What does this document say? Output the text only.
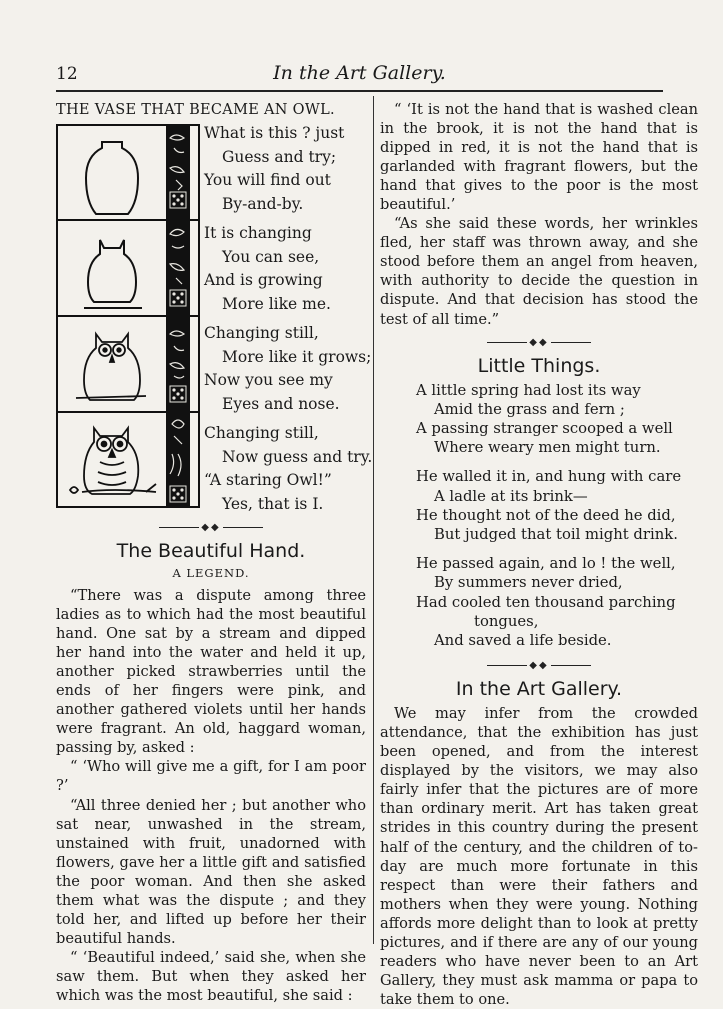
12	In the Art Gallery.
THE VASE THAT BECAME AN OWL.

What is this ? just

Guess and try;

You will find out

By-and-by.

It is changing

You can see,

And is growing

More like me.

Changing still,

More like it grows;

Now you see my

Eyes and nose.

Changing still,

Now guess and try.

“A staring Owl!”

Yes, that is I.

◆◆
The Beautiful Hand.
A LEGEND.

“There was a dispute among three ladies as to which had the most beautiful hand. One sat by a stream and dipped her hand into the water and held it up, another picked strawberries until the ends of her fingers were pink, and another gathered violets until her hands were fragrant. An old, haggard woman, passing by, asked :

“ ‘Who will give me a gift, for I am poor ?’

“All three denied her ; but another who sat near, unwashed in the stream, unstained with fruit, unadorned with flowers, gave her a little gift and satisfied the poor woman. And then she asked them what was the dispute ; and they told her, and lifted up before her their beautiful hands.

“ ‘Beautiful indeed,’ said she, when she saw them. But when they asked her which was the most beautiful, she said :

“ ‘It is not the hand that is washed clean in the brook, it is not the hand that is dipped in red, it is not the hand that is garlanded with fragrant flowers, but the hand that gives to the poor is the most beautiful.’

“As she said these words, her wrinkles fled, her staff was thrown away, and she stood before them an angel from heaven, with authority to decide the question in dispute. And that decision has stood the test of all time.”

◆◆
Little Things.

A little spring had lost its way

Amid the grass and fern ;

A passing stranger scooped a well

Where weary men might turn.

He walled it in, and hung with care

A ladle at its brink—

He thought not of the deed he did,

But judged that toil might drink.

He passed again, and lo ! the well,

By summers never dried,

Had cooled ten thousand parching

tongues,

And saved a life beside.

◆◆
In the Art Gallery.

We may infer from the crowded attendance, that the exhibition has just been opened, and from the interest displayed by the visitors, we may also fairly infer that the pictures are of more than ordinary merit. Art has taken great strides in this country during the present half of the century, and the children of to-day are much more fortunate in this respect than were their fathers and mothers when they were young. Nothing affords more delight than to look at pretty pictures, and if there are any of our young readers who have never been to an Art Gallery, they must ask mamma or papa to take them to one.
